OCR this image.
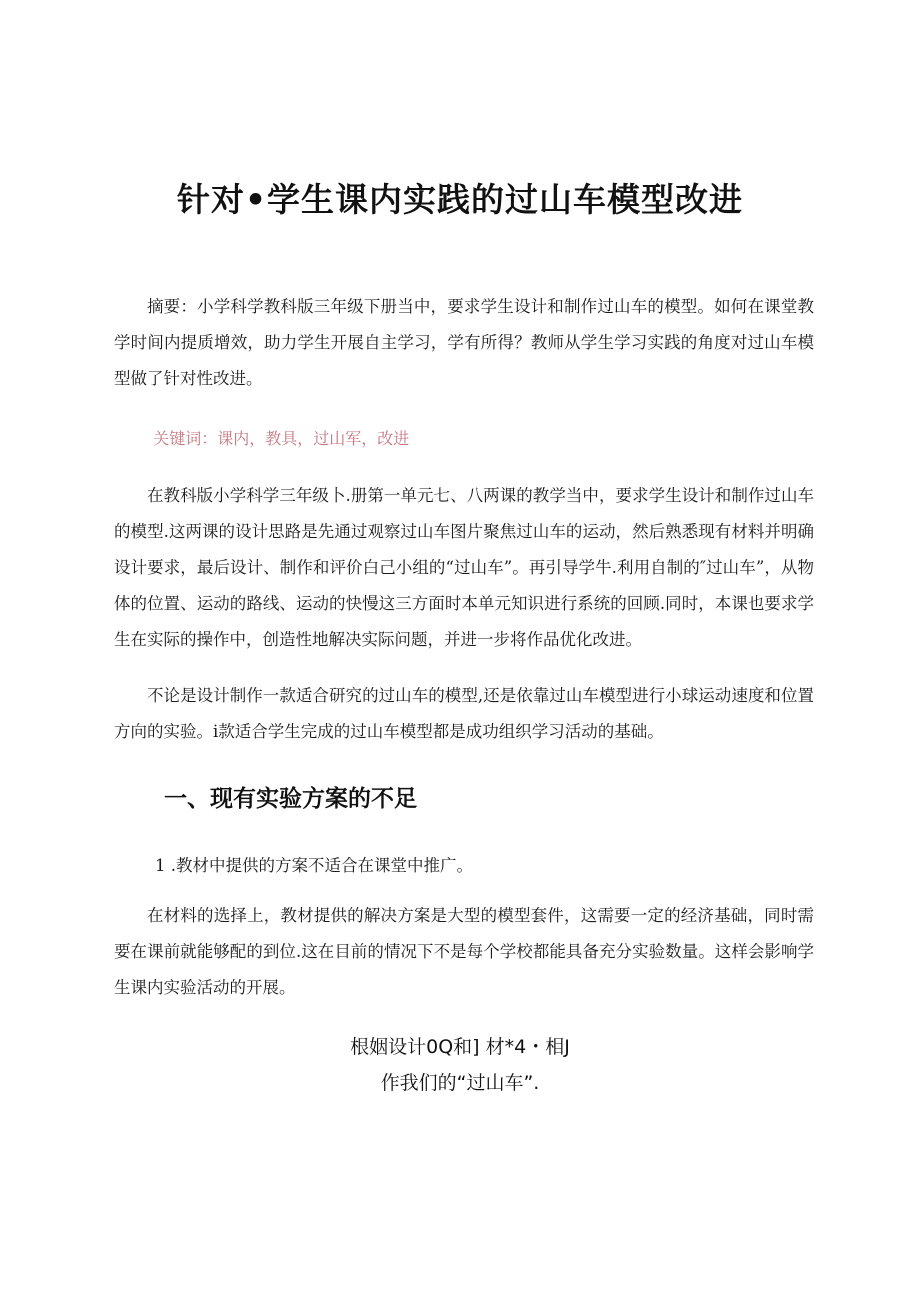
针对•学生课内实践的过山车模型改进

摘要：小学科学教科版三年级下册当中，要求学生设计和制作过山车的模型。如何在课堂教学时间内提质增效，助力学生开展自主学习，学有所得？教师从学生学习实践的角度对过山车模型做了针对性改进。

关键词：课内，教具，过山军，改进

在教科版小学科学三年级卜.册第一单元七、八两课的教学当中，要求学生设计和制作过山车的模型.这两课的设计思路是先通过观察过山车图片聚焦过山车的运动，然后熟悉现有材料并明确设计要求，最后设计、制作和评价白己小组的“过山车”。再引导学牛.利用自制的″过山车”，从物体的位置、运动的路线、运动的快慢这三方面时本单元知识进行系统的回顾.同时，本课也要求学生在实际的操作中，创造性地解决实际问题，并进一步将作品优化改进。

不论是设计制作一款适合研究的过山车的模型,还是依靠过山车模型进行小球运动速度和位置方向的实验。i款适合学生完成的过山车模型都是成功组织学习活动的基础。

一、现有实验方案的不足

1 .教材中提供的方案不适合在课堂中推广。

在材料的选择上，教材提供的解决方案是大型的模型套件，这需要一定的经济基础，同时需要在课前就能够配的到位.这在目前的情况下不是每个学校都能具备充分实验数量。这样会影响学生课内实验活动的开展。

根姻设计0Q和] 材*4・相J

作我们的“过山车”.
